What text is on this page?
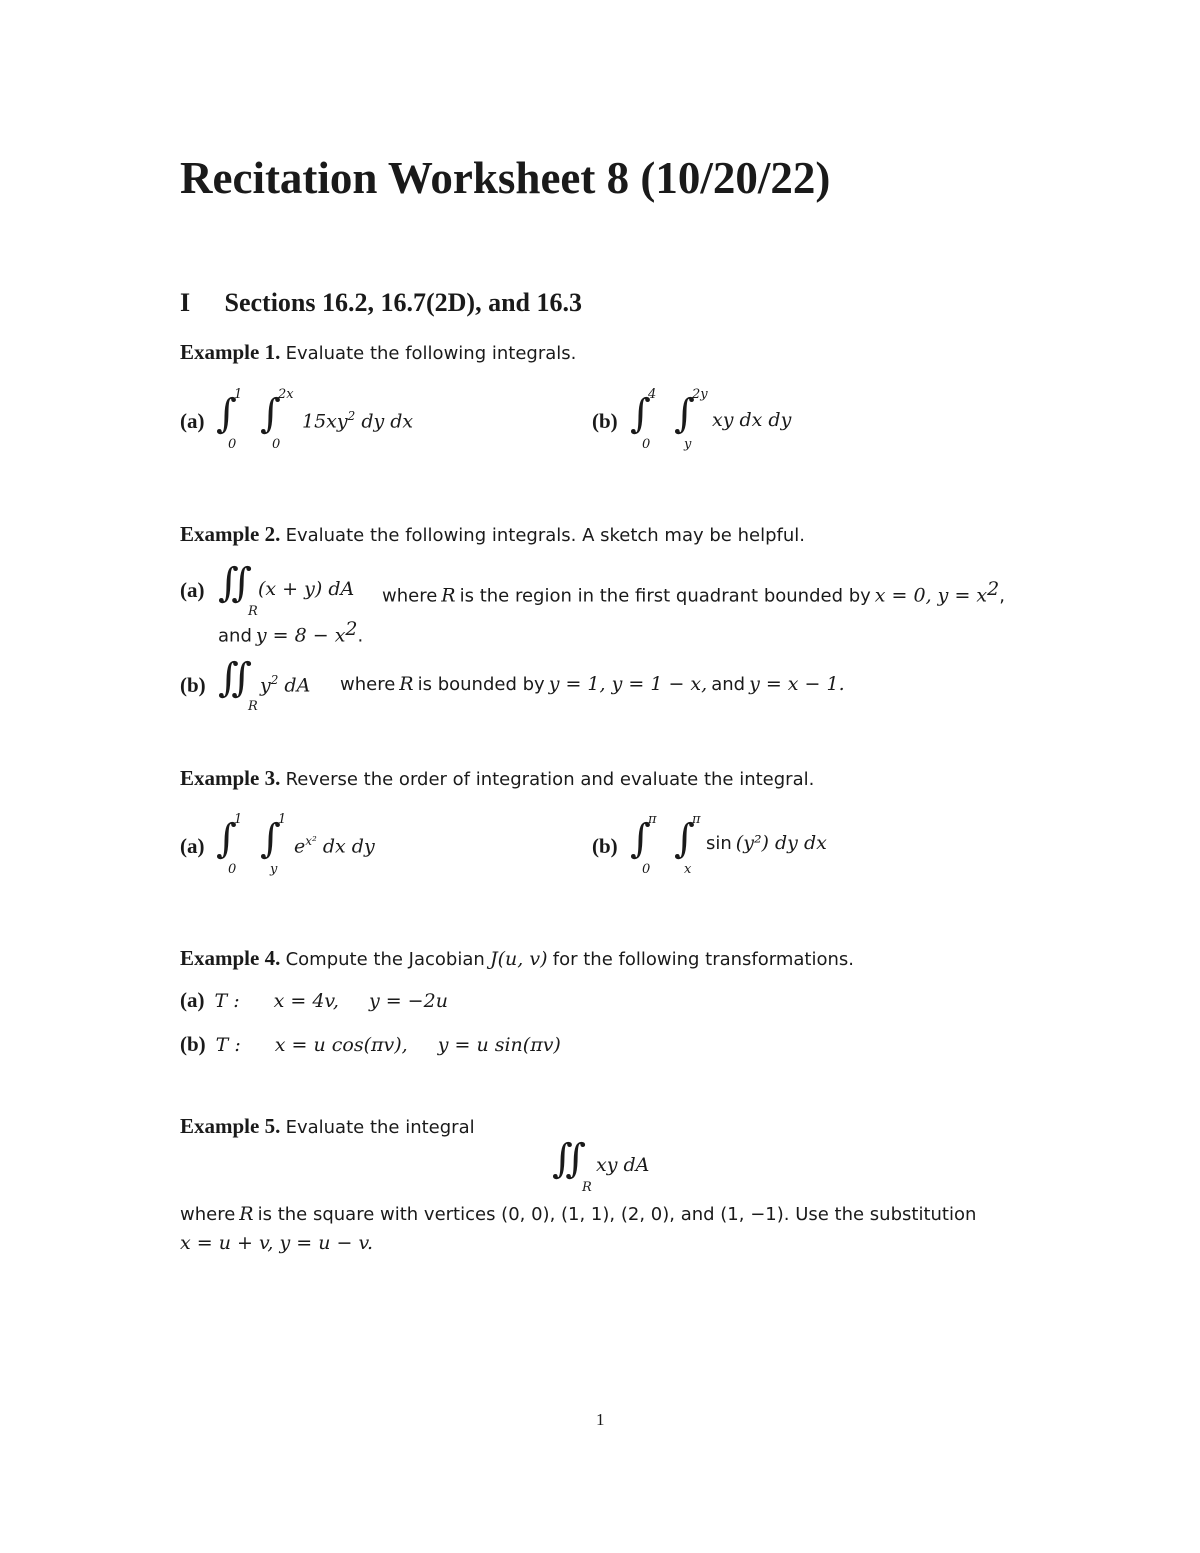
Recitation Worksheet 8 (10/20/22)
I Sections 16.2, 16.7(2D), and 16.3
Example 1. Evaluate the following integrals.
(a) ∫
1
0
∫
2x
0
$15xy^2$ dy dx	(b) ∫
4
0
∫
2y
y
xy dx dy
Example 2. Evaluate the following integrals. A sketch may be helpful.
(a) ∬
R
(x + y) dA where R is the region in the first quadrant bounded by x = 0, $y = x^2$,
and $y = 8 - x^2$.
(b) ∬
R
$y^2$ dA where R is bounded by y = 1, y = 1 − x, and y = x − 1.
Example 3. Reverse the order of integration and evaluate the integral.
(a) ∫
1
0
∫
1
y
$e^{x^2}$ dx dy	(b) ∫
π
0
∫
π
x
sin (y²) dy dx
Example 4. Compute the Jacobian J(u, v) for the following transformations.
(a) T : x = 4v, y = −2u
(b) T : x = u cos(πv), y = u sin(πv)
Example 5. Evaluate the integral
∬
R
xy dA
where R is the square with vertices (0, 0), (1, 1), (2, 0), and (1, −1). Use the substitution
x = u + v, y = u − v.
1
